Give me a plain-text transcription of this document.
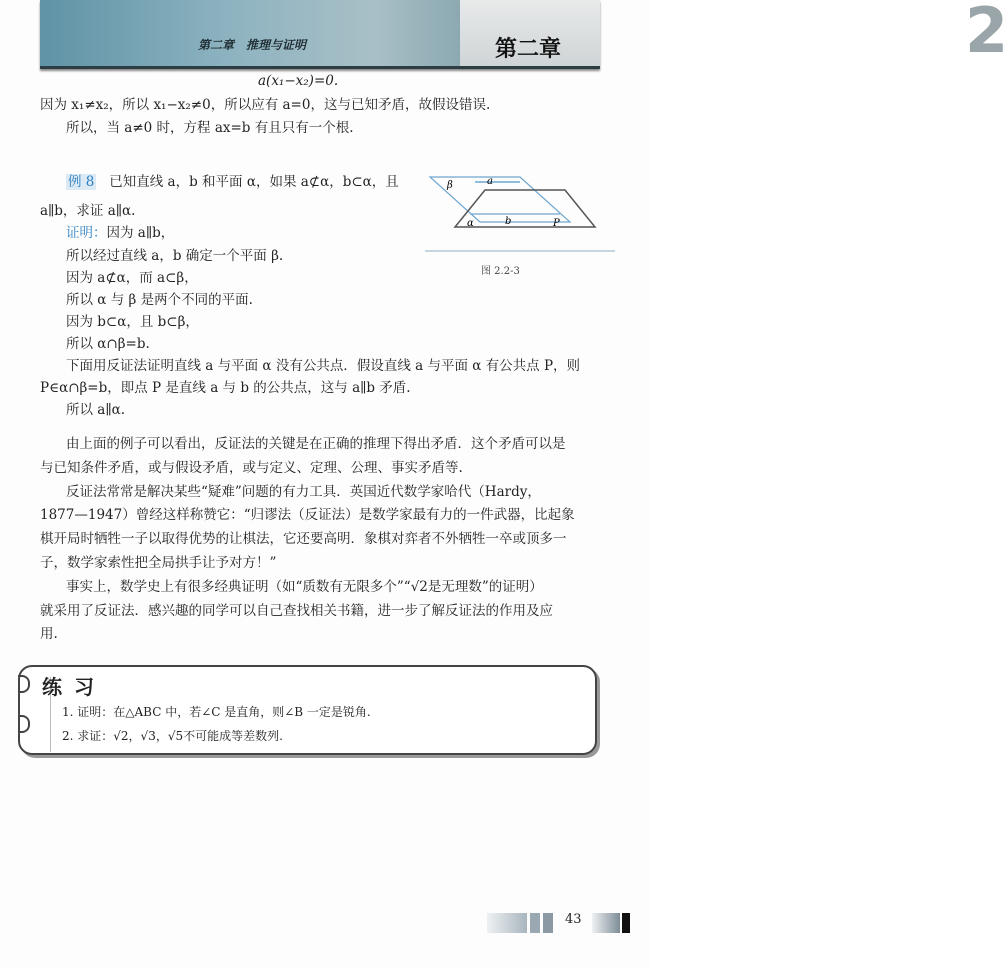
2
第二章
第二章　推理与证明
a(x₁−x₂)=0.
因为 x₁≠x₂，所以 x₁−x₂≠0，所以应有 a=0，这与已知矛盾，故假设错误.
所以，当 a≠0 时，方程 ax=b 有且只有一个根.
例 8 已知直线 a，b 和平面 α，如果 a⊄α，b⊂α，且
a∥b，求证 a∥α.
证明：因为 a∥b，
所以经过直线 a，b 确定一个平面 β.
因为 a⊄α，而 a⊂β，
所以 α 与 β 是两个不同的平面.
因为 b⊂α，且 b⊂β，
所以 α∩β=b.
下面用反证法证明直线 a 与平面 α 没有公共点．假设直线 a 与平面 α 有公共点 P，则
P∈α∩β=b，即点 P 是直线 a 与 b 的公共点，这与 a∥b 矛盾.
所以 a∥α.
β	a
α	b	P
图 2.2-3
由上面的例子可以看出，反证法的关键是在正确的推理下得出矛盾．这个矛盾可以是
与已知条件矛盾，或与假设矛盾，或与定义、定理、公理、事实矛盾等.
反证法常常是解决某些“疑难”问题的有力工具．英国近代数学家哈代（Hardy，
1877—1947）曾经这样称赞它：“归谬法（反证法）是数学家最有力的一件武器，比起象
棋开局时牺牲一子以取得优势的让棋法，它还要高明．象棋对弈者不外牺牲一卒或顶多一
子，数学家索性把全局拱手让予对方！”
事实上，数学史上有很多经典证明（如“质数有无限多个”“√2是无理数”的证明）
就采用了反证法．感兴趣的同学可以自己查找相关书籍，进一步了解反证法的作用及应
用.
练习
1. 证明：在△ABC 中，若∠C 是直角，则∠B 一定是锐角.
2. 求证：√2，√3，√5不可能成等差数列.
43
